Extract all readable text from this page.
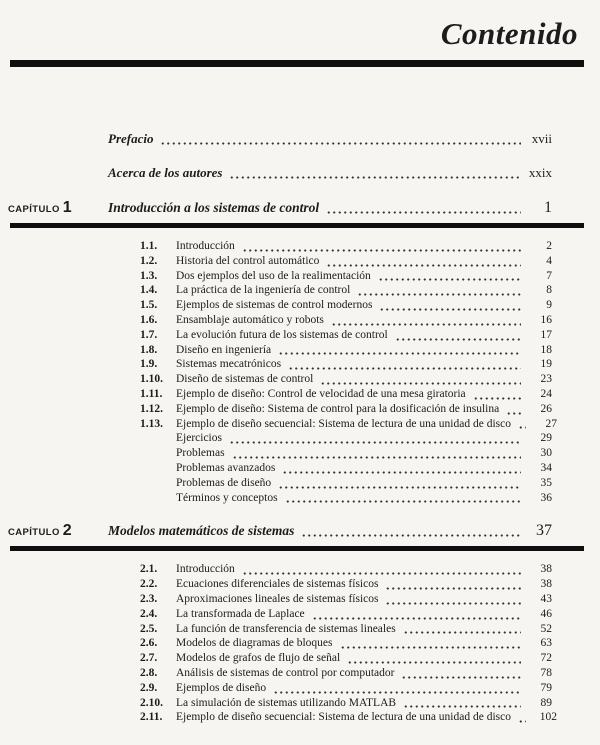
Contenido
Prefacio	xvii
Acerca de los autores	xxix
CAPÍTULO 1	Introducción a los sistemas de control	1
1.1.	Introducción	2
1.2.	Historia del control automático	4
1.3.	Dos ejemplos del uso de la realimentación	7
1.4.	La práctica de la ingeniería de control	8
1.5.	Ejemplos de sistemas de control modernos	9
1.6.	Ensamblaje automático y robots	16
1.7.	La evolución futura de los sistemas de control	17
1.8.	Diseño en ingeniería	18
1.9.	Sistemas mecatrónicos	19
1.10.	Diseño de sistemas de control	23
1.11.	Ejemplo de diseño: Control de velocidad de una mesa giratoria	24
1.12.	Ejemplo de diseño: Sistema de control para la dosificación de insulina	26
1.13.	Ejemplo de diseño secuencial: Sistema de lectura de una unidad de disco	27
Ejercicios	29
Problemas	30
Problemas avanzados	34
Problemas de diseño	35
Términos y conceptos	36
CAPÍTULO 2	Modelos matemáticos de sistemas	37
2.1.	Introducción	38
2.2.	Ecuaciones diferenciales de sistemas físicos	38
2.3.	Aproximaciones lineales de sistemas físicos	43
2.4.	La transformada de Laplace	46
2.5.	La función de transferencia de sistemas lineales	52
2.6.	Modelos de diagramas de bloques	63
2.7.	Modelos de grafos de flujo de señal	72
2.8.	Análisis de sistemas de control por computador	78
2.9.	Ejemplos de diseño	79
2.10.	La simulación de sistemas utilizando MATLAB	89
2.11.	Ejemplo de diseño secuencial: Sistema de lectura de una unidad de disco	102
